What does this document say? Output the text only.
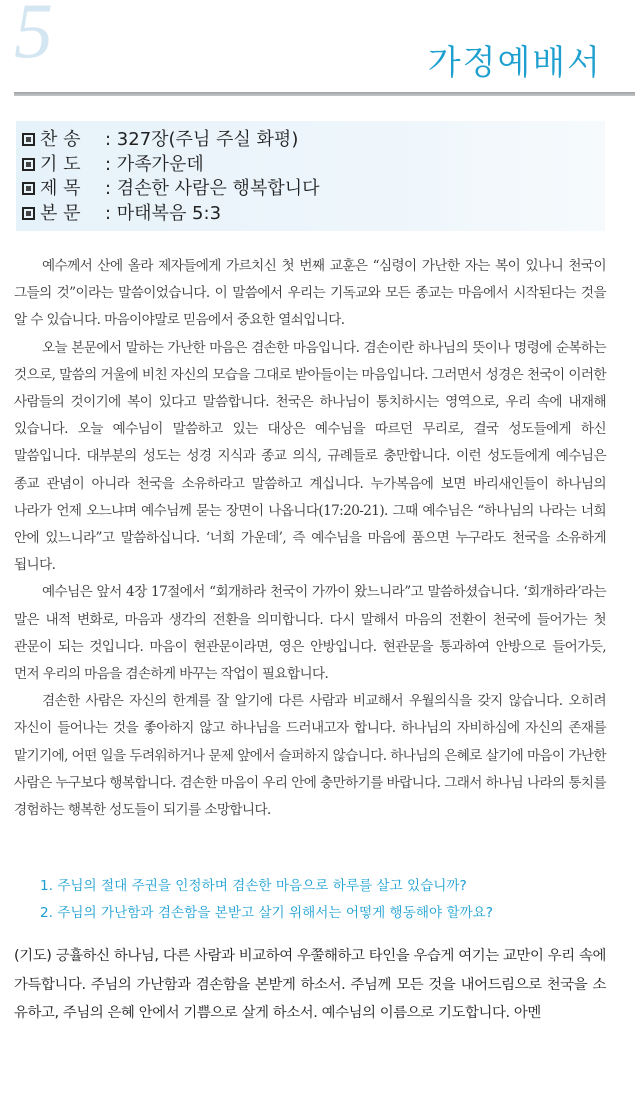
5	가정예배서
찬 송 : 327장(주님 주실 화평)
기 도 : 가족가운데
제 목 : 겸손한 사람은 행복합니다
본 문 : 마태복음 5:3

예수께서 산에 올라 제자들에게 가르치신 첫 번째 교훈은 “심령이 가난한 자는 복이 있나니 천국이 그들의 것”이라는 말씀이었습니다. 이 말씀에서 우리는 기독교와 모든 종교는 마음에서 시작된다는 것을 알 수 있습니다. 마음이야말로 믿음에서 중요한 열쇠입니다.

오늘 본문에서 말하는 가난한 마음은 겸손한 마음입니다. 겸손이란 하나님의 뜻이나 명령에 순복하는 것으로, 말씀의 거울에 비친 자신의 모습을 그대로 받아들이는 마음입니다. 그러면서 성경은 천국이 이러한 사람들의 것이기에 복이 있다고 말씀합니다. 천국은 하나님이 통치하시는 영역으로, 우리 속에 내재해 있습니다. 오늘 예수님이 말씀하고 있는 대상은 예수님을 따르던 무리로, 결국 성도들에게 하신 말씀입니다. 대부분의 성도는 성경 지식과 종교 의식, 규례들로 충만합니다. 이런 성도들에게 예수님은 종교 관념이 아니라 천국을 소유하라고 말씀하고 계십니다. 누가복음에 보면 바리새인들이 하나님의 나라가 언제 오느냐며 예수님께 묻는 장면이 나옵니다(17:20-21). 그때 예수님은 “하나님의 나라는 너희 안에 있느니라”고 말씀하십니다. ‘너희 가운데’, 즉 예수님을 마음에 품으면 누구라도 천국을 소유하게 됩니다.

예수님은 앞서 4장 17절에서 “회개하라 천국이 가까이 왔느니라”고 말씀하셨습니다. ‘회개하라’라는 말은 내적 변화로, 마음과 생각의 전환을 의미합니다. 다시 말해서 마음의 전환이 천국에 들어가는 첫 관문이 되는 것입니다. 마음이 현관문이라면, 영은 안방입니다. 현관문을 통과하여 안방으로 들어가듯, 먼저 우리의 마음을 겸손하게 바꾸는 작업이 필요합니다.

겸손한 사람은 자신의 한계를 잘 알기에 다른 사람과 비교해서 우월의식을 갖지 않습니다. 오히려 자신이 들어나는 것을 좋아하지 않고 하나님을 드러내고자 합니다. 하나님의 자비하심에 자신의 존재를 맡기기에, 어떤 일을 두려워하거나 문제 앞에서 슬퍼하지 않습니다. 하나님의 은혜로 살기에 마음이 가난한 사람은 누구보다 행복합니다. 겸손한 마음이 우리 안에 충만하기를 바랍니다. 그래서 하나님 나라의 통치를 경험하는 행복한 성도들이 되기를 소망합니다.

1. 주님의 절대 주권을 인정하며 겸손한 마음으로 하루를 살고 있습니까?
2. 주님의 가난함과 겸손함을 본받고 살기 위해서는 어떻게 행동해야 할까요?
(기도) 긍휼하신 하나님, 다른 사람과 비교하여 우쭐해하고 타인을 우습게 여기는 교만이 우리 속에 가득합니다. 주님의 가난함과 겸손함을 본받게 하소서. 주님께 모든 것을 내어드림으로 천국을 소유하고, 주님의 은혜 안에서 기쁨으로 살게 하소서. 예수님의 이름으로 기도합니다. 아멘
